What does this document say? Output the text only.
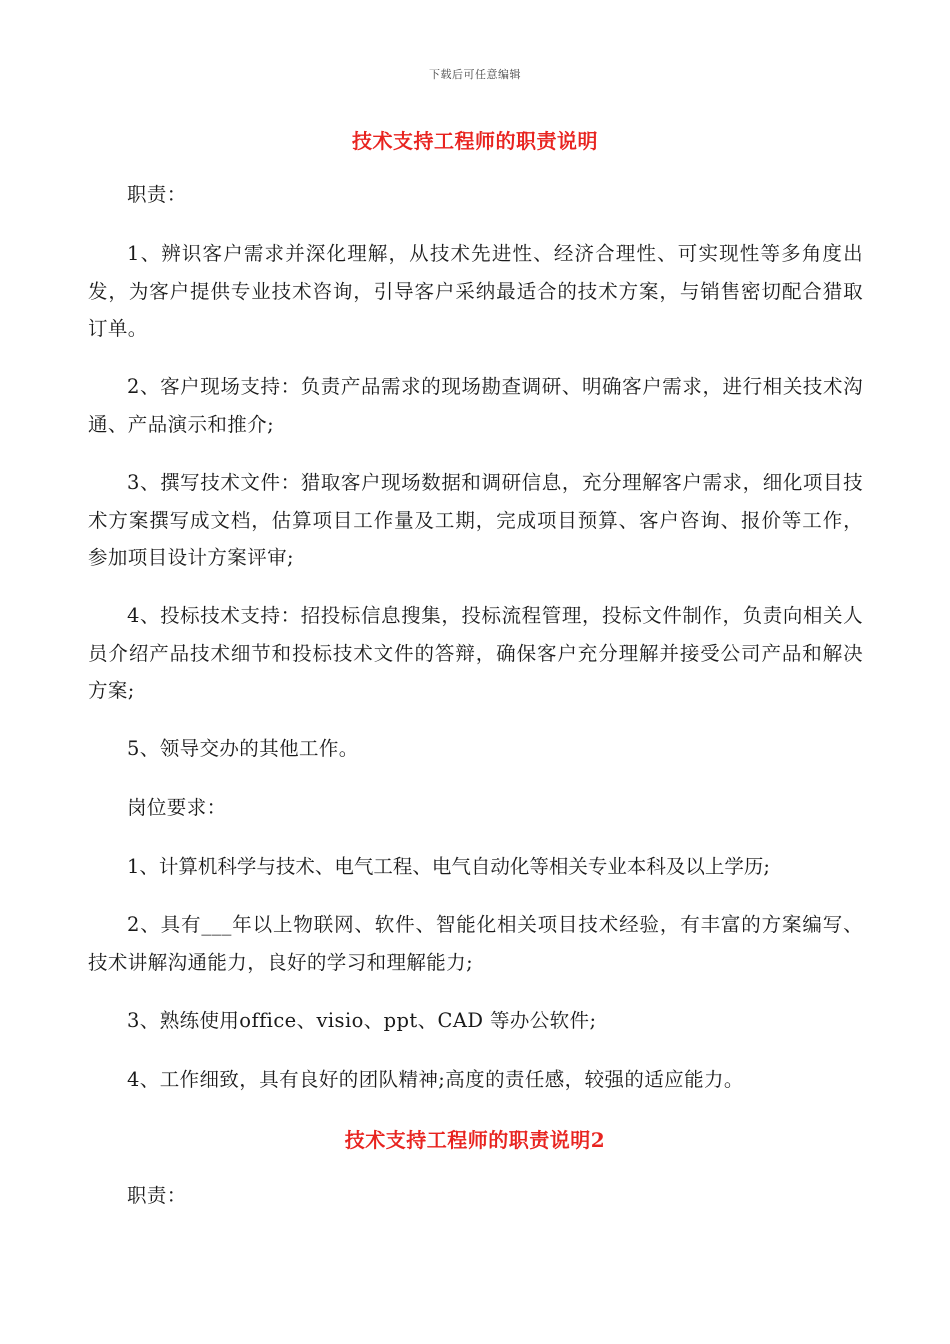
下载后可任意编辑
技术支持工程师的职责说明

职责：

1、辨识客户需求并深化理解，从技术先进性、经济合理性、可实现性等多角度出发，为客户提供专业技术咨询，引导客户采纳最适合的技术方案，与销售密切配合猎取订单。

2、客户现场支持：负责产品需求的现场勘查调研、明确客户需求，进行相关技术沟通、产品演示和推介;

3、撰写技术文件：猎取客户现场数据和调研信息，充分理解客户需求，细化项目技术方案撰写成文档，估算项目工作量及工期，完成项目预算、客户咨询、报价等工作，参加项目设计方案评审;

4、投标技术支持：招投标信息搜集，投标流程管理，投标文件制作，负责向相关人员介绍产品技术细节和投标技术文件的答辩，确保客户充分理解并接受公司产品和解决方案;

5、领导交办的其他工作。

岗位要求：

1、计算机科学与技术、电气工程、电气自动化等相关专业本科及以上学历;

2、具有___年以上物联网、软件、智能化相关项目技术经验，有丰富的方案编写、技术讲解沟通能力，良好的学习和理解能力;

3、熟练使用office、visio、ppt、CAD 等办公软件;

4、工作细致，具有良好的团队精神;高度的责任感，较强的适应能力。

技术支持工程师的职责说明2

职责：
